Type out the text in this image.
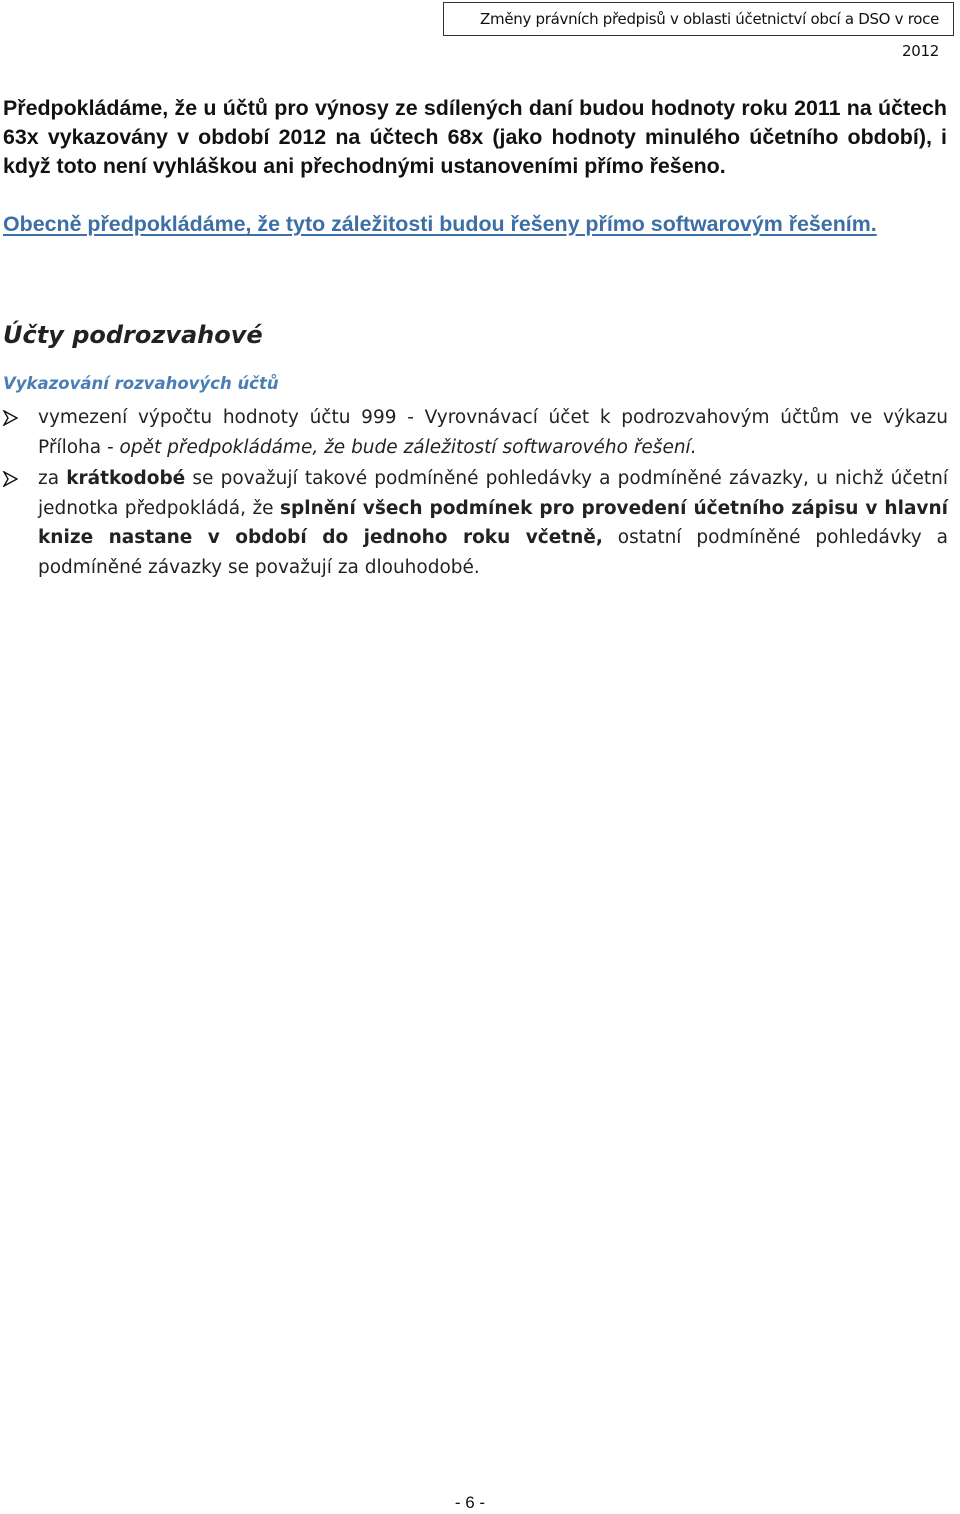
Změny právních předpisů v oblasti účetnictví obcí a DSO v roce 2012

Předpokládáme, že u účtů pro výnosy ze sdílených daní budou hodnoty roku 2011 na účtech 63x vykazovány v období 2012 na účtech 68x (jako hodnoty minulého účetního období), i když toto není vyhláškou ani přechodnými ustanoveními přímo řešeno.

Obecně předpokládáme, že tyto záležitosti budou řešeny přímo softwarovým řešením.

Účty podrozvahové
Vykazování rozvahových účtů
vymezení výpočtu hodnoty účtu 999 - Vyrovnávací účet k podrozvahovým účtům ve výkazu Příloha - opět předpokládáme, že bude záležitostí softwarového řešení.
za krátkodobé se považují takové podmíněné pohledávky a podmíněné závazky, u nichž účetní jednotka předpokládá, že splnění všech podmínek pro provedení účetního zápisu v hlavní knize nastane v období do jednoho roku včetně, ostatní podmíněné pohledávky a podmíněné závazky se považují za dlouhodobé.
- 6 -
